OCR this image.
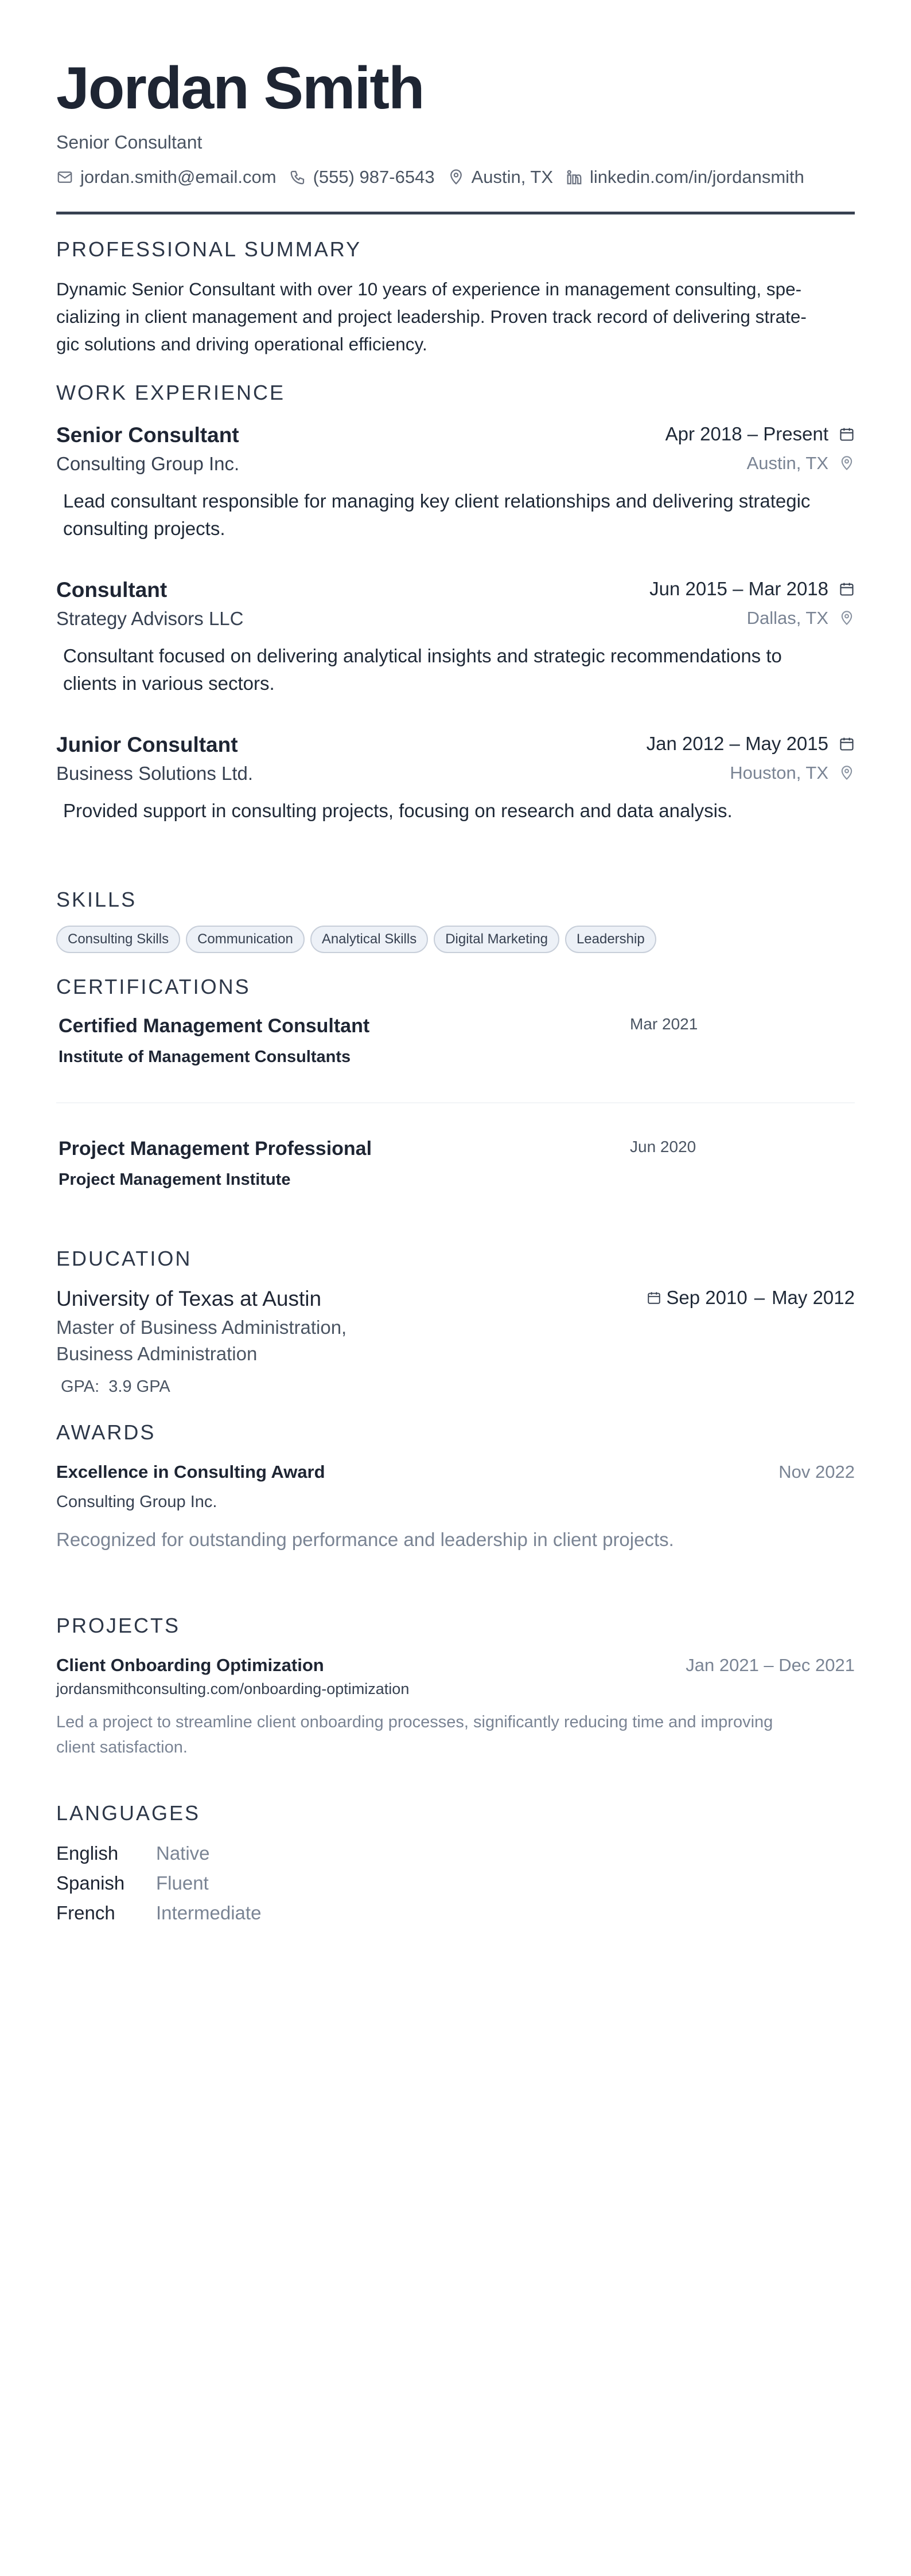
Jordan Smith
Senior Consultant
jordan.smith@email.com (555) 987-6543 Austin, TX linkedin.com/in/jordansmith
PROFESSIONAL SUMMARY
Dynamic Senior Consultant with over 10 years of experience in management consulting, spe-
cializing in client management and project leadership. Proven track record of delivering strate-
gic solutions and driving operational efficiency.
WORK EXPERIENCE
Senior Consultant
Consulting Group Inc.
Apr 2018 – Present
Austin, TX
Lead consultant responsible for managing key client relationships and delivering strategic
consulting projects.
Consultant
Strategy Advisors LLC
Jun 2015 – Mar 2018
Dallas, TX
Consultant focused on delivering analytical insights and strategic recommendations to
clients in various sectors.
Junior Consultant
Business Solutions Ltd.
Jan 2012 – May 2015
Houston, TX
Provided support in consulting projects, focusing on research and data analysis.
SKILLS
Consulting Skills	Communication	Analytical Skills	Digital Marketing	Leadership
CERTIFICATIONS
Certified Management Consultant
Institute of Management Consultants
Mar 2021
Project Management Professional
Project Management Institute
Jun 2020
EDUCATION
University of Texas at Austin
Master of Business Administration,
Business Administration
GPA: 3.9 GPA
Sep 2010 – May 2012
AWARDS
Excellence in Consulting Award
Consulting Group Inc.
Nov 2022
Recognized for outstanding performance and leadership in client projects.
PROJECTS
Client Onboarding Optimization
jordansmithconsulting.com/onboarding-optimization
Jan 2021 – Dec 2021
Led a project to streamline client onboarding processes, significantly reducing time and improving
client satisfaction.
LANGUAGES
English	Native
Spanish	Fluent
French	Intermediate
